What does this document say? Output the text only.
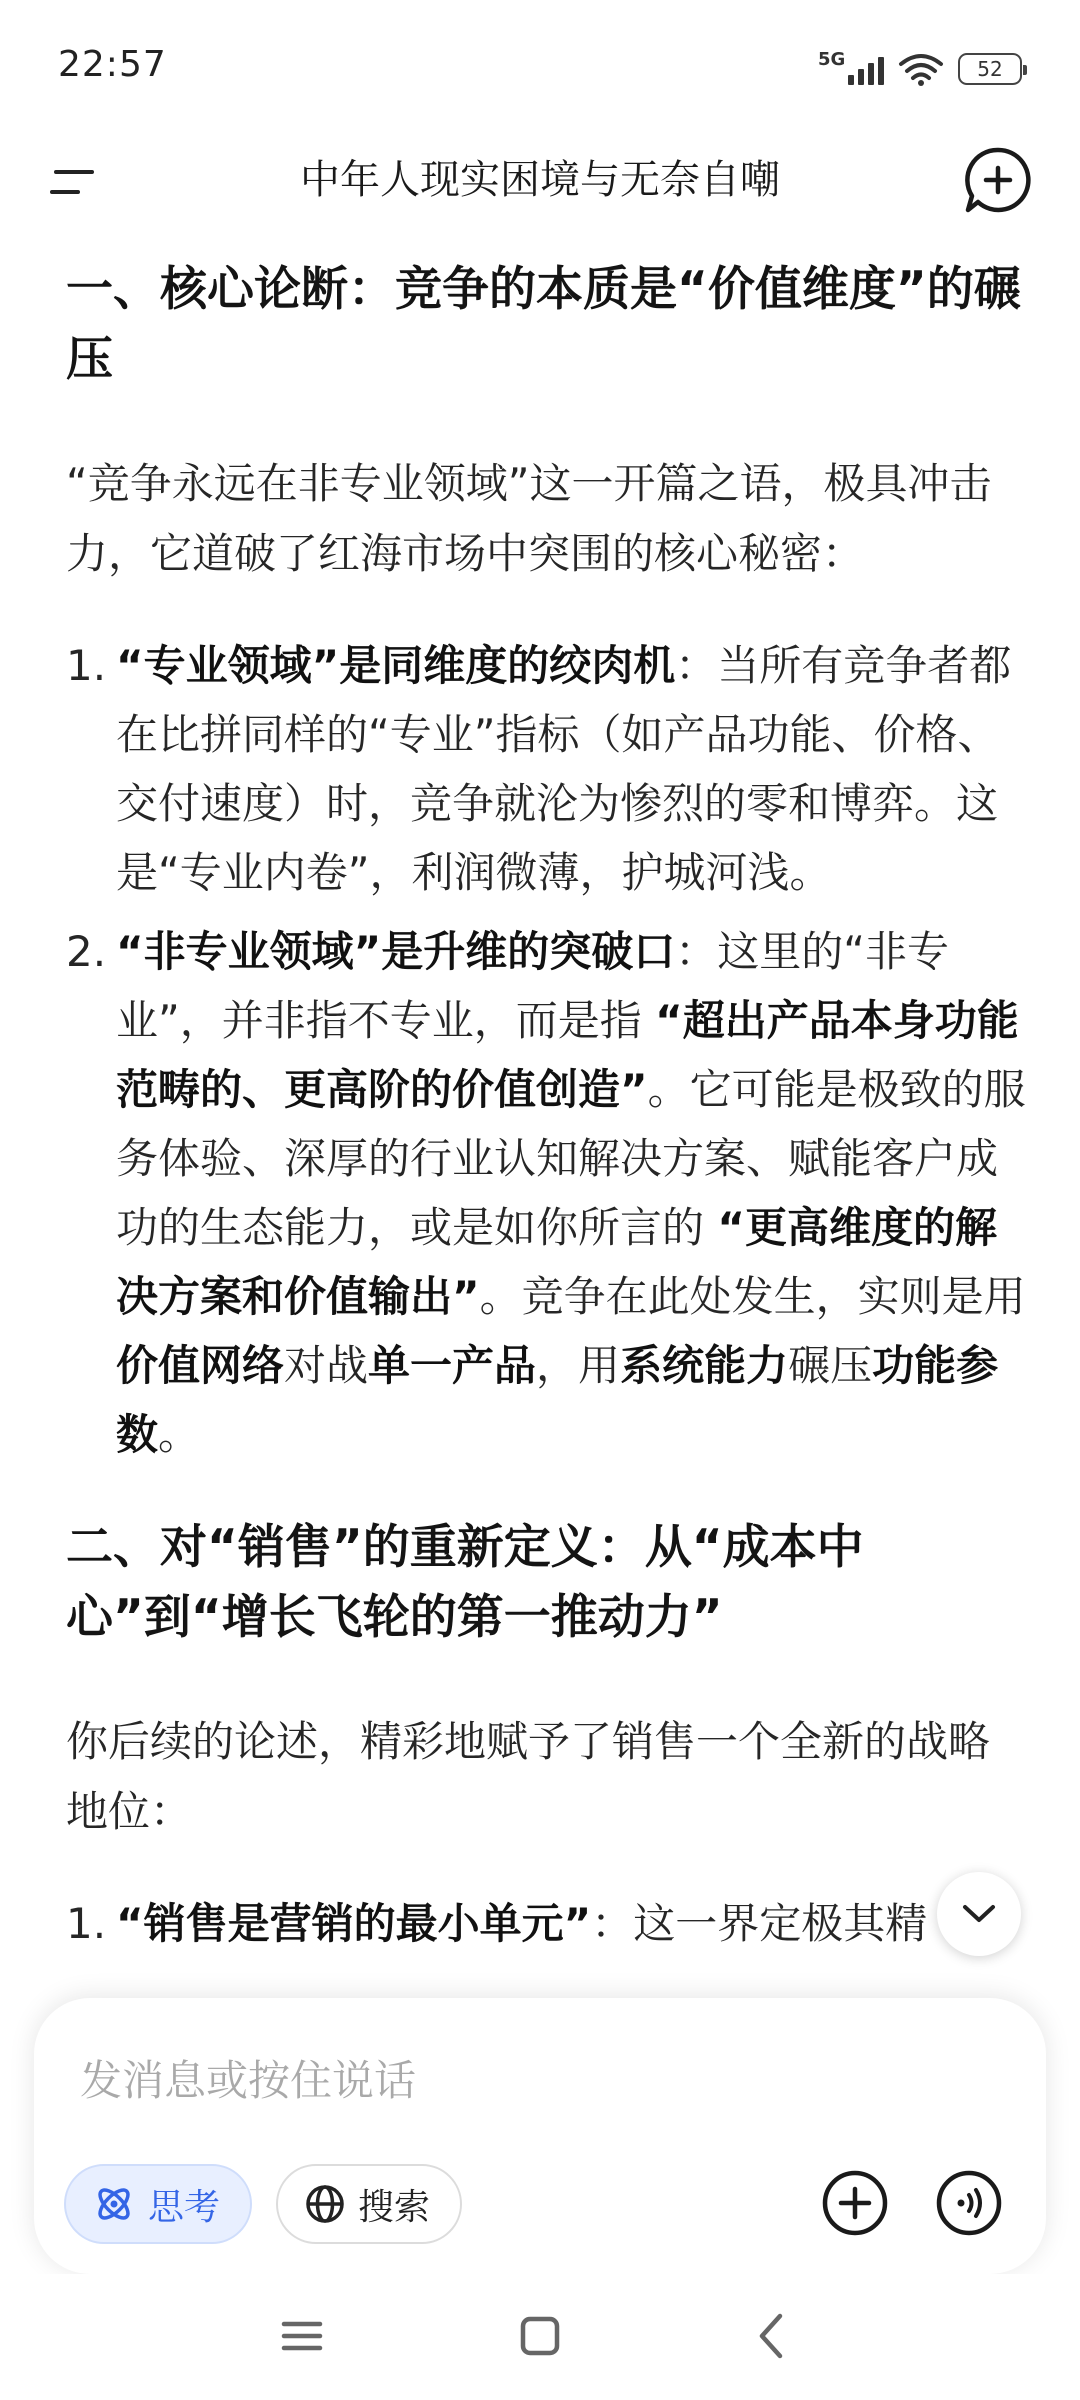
22:57	5G	52
中年人现实困境与无奈自嘲
一、核心论断：竞争的本质是“价值维度”的碾压

“竞争永远在非专业领域”这一开篇之语，极具冲击力，它道破了红海市场中突围的核心秘密：

1. “专业领域”是同维度的绞肉机：当所有竞争者都在比拼同样的“专业”指标（如产品功能、价格、交付速度）时，竞争就沦为惨烈的零和博弈。这是“专业内卷”，利润微薄，护城河浅。
2. “非专业领域”是升维的突破口：这里的“非专业”，并非指不专业，而是指 “超出产品本身功能范畴的、更高阶的价值创造”。它可能是极致的服务体验、深厚的行业认知解决方案、赋能客户成功的生态能力，或是如你所言的 “更高维度的解决方案和价值输出”。竞争在此处发生，实则是用价值网络对战单一产品，用系统能力碾压功能参数。
二、对“销售”的重新定义：从“成本中心”到“增长飞轮的第一推动力”

你后续的论述，精彩地赋予了销售一个全新的战略地位：

1. “销售是营销的最小单元”：这一界定极其精
发消息或按住说话
思考	搜索
